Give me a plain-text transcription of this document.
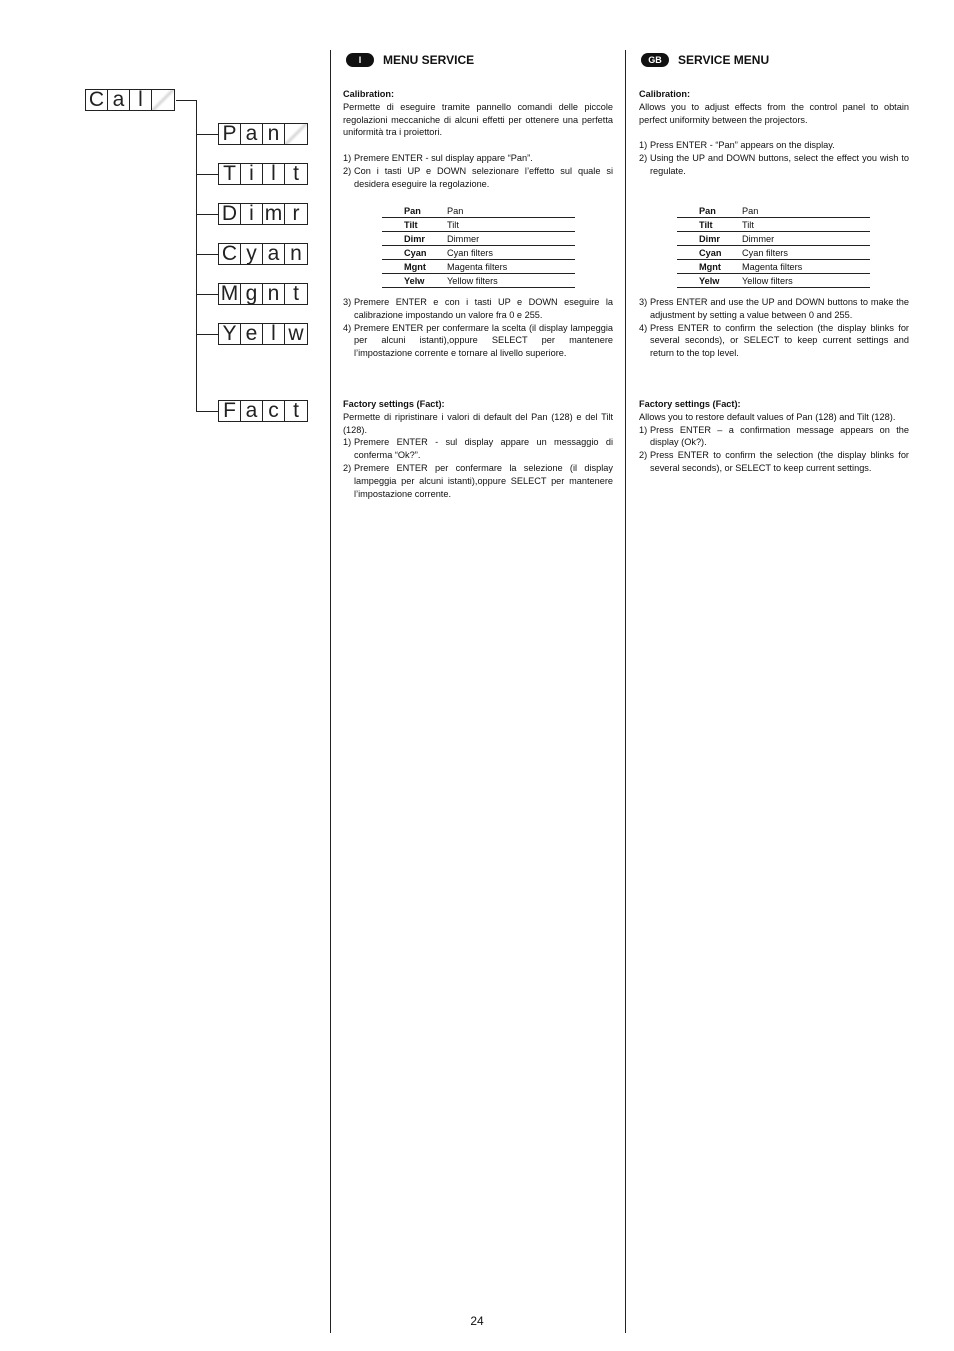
C a l
P a n
T i l t
D i m r
C y a n
M g n t
Y e l w
F a c t
I	MENU SERVICE

Calibration:

Permette di eseguire tramite pannello comandi delle piccole regolazioni meccaniche di alcuni effetti per ottenere una perfetta uniformità tra i proiettori.

1) Premere ENTER - sul display appare “Pan”.
2) Con i tasti UP e DOWN selezionare l’effetto sul quale si desidera eseguire la regolazione.
Pan	Pan
Tilt	Tilt
Dimr	Dimmer
Cyan	Cyan filters
Mgnt	Magenta filters
Yelw	Yellow filters
3) Premere ENTER e con i tasti UP e DOWN eseguire la calibrazione impostando un valore fra 0 e 255.
4) Premere ENTER per confermare la scelta (il display lampeggia per alcuni istanti),oppure SELECT per mantenere l’impostazione corrente e tornare al livello superiore.

Factory settings (Fact):

Permette di ripristinare i valori di default del Pan (128) e del Tilt (128).

1) Premere ENTER - sul display appare un messaggio di conferma “Ok?”.
2) Premere ENTER per confermare la selezione (il display lampeggia per alcuni istanti),oppure SELECT per mantenere l’impostazione corrente.
GB	SERVICE MENU

Calibration:

Allows you to adjust effects from the control panel to obtain perfect uniformity between the projectors.

1) Press ENTER - “Pan” appears on the display.
2) Using the UP and DOWN buttons, select the effect you wish to regulate.
Pan	Pan
Tilt	Tilt
Dimr	Dimmer
Cyan	Cyan filters
Mgnt	Magenta filters
Yelw	Yellow filters
3) Press ENTER and use the UP and DOWN buttons to make the adjustment by setting a value between 0 and 255.
4) Press ENTER to confirm the selection (the display blinks for several seconds), or SELECT to keep current settings and return to the top level.

Factory settings (Fact):

Allows you to restore default values of Pan (128) and Tilt (128).

1) Press ENTER – a confirmation message appears on the display (Ok?).
2) Press ENTER to confirm the selection (the display blinks for several seconds), or SELECT to keep current settings.
24
